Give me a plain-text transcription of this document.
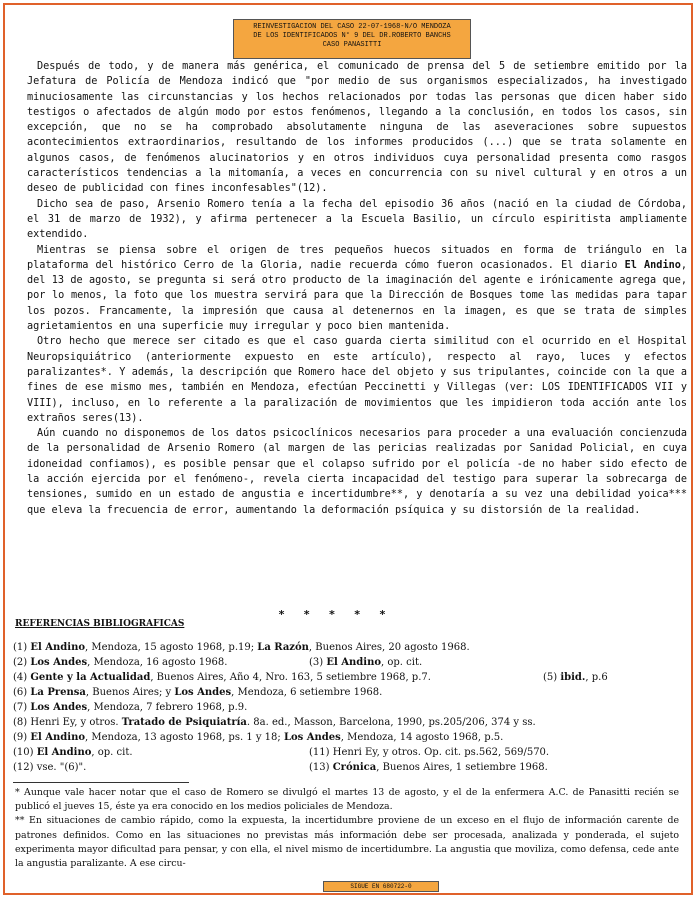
REINVESTIGACION DEL CASO 22-07-1968-N/O MENDOZA
DE LOS IDENTIFICADOS N° 9 DEL DR.ROBERTO BANCHS
CASO PANASITTI

Después de todo, y de manera más genérica, el comunicado de prensa del 5 de setiembre emitido por la Jefatura de Policía de Mendoza indicó que "por medio de sus organismos especializados, ha investigado minuciosamente las circunstancias y los hechos relacionados por todas las personas que dicen haber sido testigos o afectados de algún modo por estos fenómenos, llegando a la conclusión, en todos los casos, sin excepción, que no se ha comprobado absolutamente ninguna de las aseveraciones sobre supuestos acontecimientos extraordinarios, resultando de los informes producidos (...) que se trata solamente en algunos casos, de fenómenos alucinatorios y en otros individuos cuya personalidad presenta como rasgos característicos tendencias a la mitomanía, a veces en concurrencia con su nivel cultural y en otros a un deseo de publicidad con fines inconfesables"(12).

Dicho sea de paso, Arsenio Romero tenía a la fecha del episodio 36 años (nació en la ciudad de Córdoba, el 31 de marzo de 1932), y afirma pertenecer a la Escuela Basilio, un círculo espiritista ampliamente extendido.

Mientras se piensa sobre el origen de tres pequeños huecos situados en forma de triángulo en la plataforma del histórico Cerro de la Gloria, nadie recuerda cómo fueron ocasionados. El diario El Andino, del 13 de agosto, se pregunta si será otro producto de la imaginación del agente e irónicamente agrega que, por lo menos, la foto que los muestra servirá para que la Dirección de Bosques tome las medidas para tapar los pozos. Francamente, la impresión que causa al detenernos en la imagen, es que se trata de simples agrietamientos en una superficie muy irregular y poco bien mantenida.

Otro hecho que merece ser citado es que el caso guarda cierta similitud con el ocurrido en el Hospital Neuropsiquiátrico (anteriormente expuesto en este artículo), respecto al rayo, luces y efectos paralizantes*. Y además, la descripción que Romero hace del objeto y sus tripulantes, coincide con la que a fines de ese mismo mes, también en Mendoza, efectúan Peccinetti y Villegas (ver: LOS IDENTIFICADOS VII y VIII), incluso, en lo referente a la paralización de movimientos que les impidieron toda acción ante los extraños seres(13).

Aún cuando no disponemos de los datos psicoclínicos necesarios para proceder a una evaluación concienzuda de la personalidad de Arsenio Romero (al margen de las pericias realizadas por Sanidad Policial, en cuya idoneidad confiamos), es posible pensar que el colapso sufrido por el policía -de no haber sido efecto de la acción ejercida por el fenómeno-, revela cierta incapacidad del testigo para superar la sobrecarga de tensiones, sumido en un estado de angustia e incertidumbre**, y denotaría a su vez una debilidad yoica*** que eleva la frecuencia de error, aumentando la deformación psíquica y su distorsión de la realidad.

* * * * *
REFERENCIAS BIBLIOGRAFICAS
(1) El Andino, Mendoza, 15 agosto 1968, p.19; La Razón, Buenos Aires, 20 agosto 1968.
(2) Los Andes, Mendoza, 16 agosto 1968.	(3) El Andino, op. cit.
(4) Gente y la Actualidad, Buenos Aires, Año 4, Nro. 163, 5 setiembre 1968, p.7.	(5) ibid., p.6
(6) La Prensa, Buenos Aires; y Los Andes, Mendoza, 6 setiembre 1968.
(7) Los Andes, Mendoza, 7 febrero 1968, p.9.
(8) Henri Ey, y otros. Tratado de Psiquiatría. 8a. ed., Masson, Barcelona, 1990, ps.205/206, 374 y ss.
(9) El Andino, Mendoza, 13 agosto 1968, ps. 1 y 18; Los Andes, Mendoza, 14 agosto 1968, p.5.
(10) El Andino, op. cit.	(11) Henri Ey, y otros. Op. cit. ps.562, 569/570.
(12) vse. "(6)".	(13) Crónica, Buenos Aires, 1 setiembre 1968.
* Aunque vale hacer notar que el caso de Romero se divulgó el martes 13 de agosto, y el de la enfermera A.C. de Panasitti recién se publicó el jueves 15, éste ya era conocido en los medios policiales de Mendoza.
** En situaciones de cambio rápido, como la expuesta, la incertidumbre proviene de un exceso en el flujo de información carente de patrones definidos. Como en las situaciones no previstas más información debe ser procesada, analizada y ponderada, el sujeto experimenta mayor dificultad para pensar, y con ella, el nivel mismo de incertidumbre. La angustia que moviliza, como defensa, cede ante la angustia paralizante. A ese circu-
SIGUE EN 680722-0
